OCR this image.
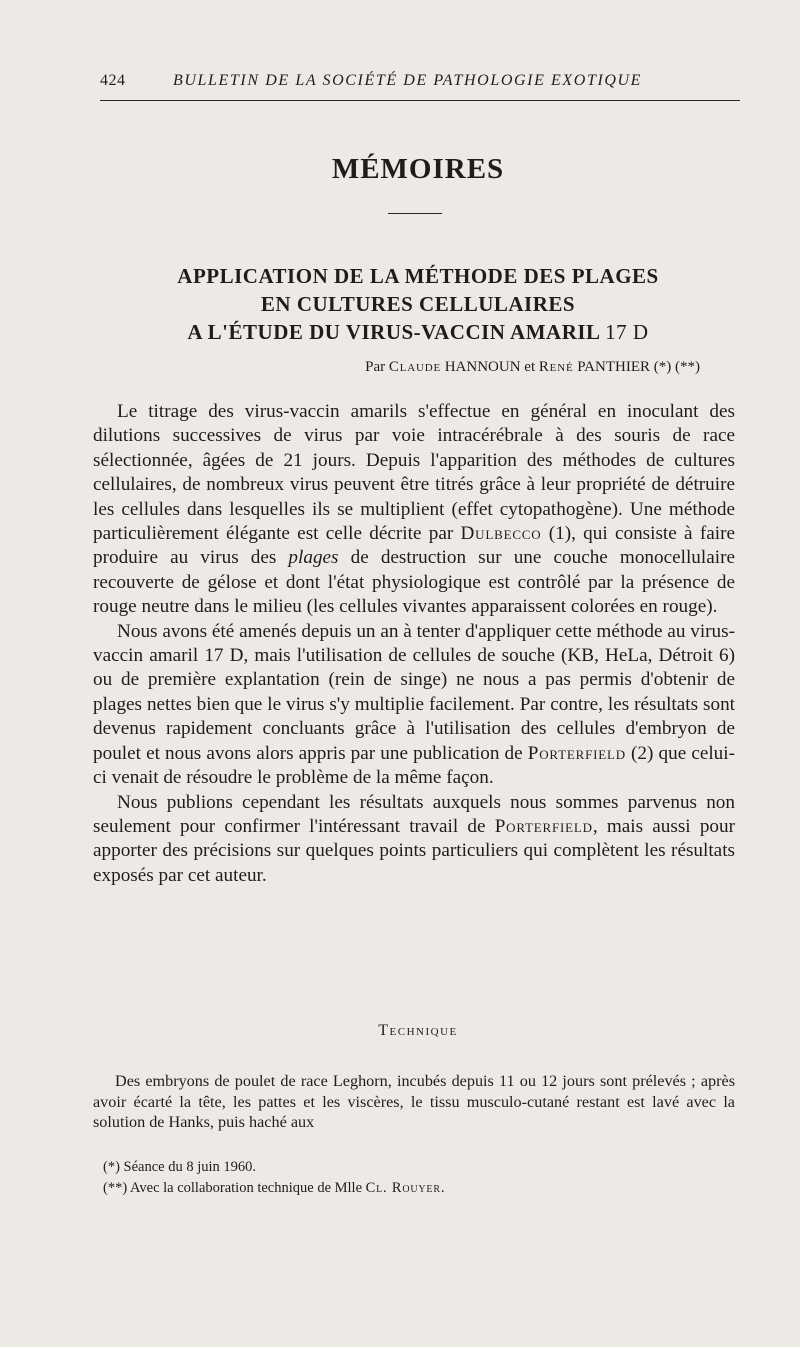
424	BULLETIN DE LA SOCIÉTÉ DE PATHOLOGIE EXOTIQUE
MÉMOIRES
APPLICATION DE LA MÉTHODE DES PLAGES
EN CULTURES CELLULAIRES
A L'ÉTUDE DU VIRUS-VACCIN AMARIL 17 D
Par Claude HANNOUN et René PANTHIER (*) (**)

Le titrage des virus-vaccin amarils s'effectue en général en inoculant des dilutions successives de virus par voie intracérébrale à des souris de race sélectionnée, âgées de 21 jours. Depuis l'apparition des méthodes de cultures cellulaires, de nombreux virus peuvent être titrés grâce à leur propriété de détruire les cellules dans lesquelles ils se multiplient (effet cytopathogène). Une méthode particulièrement élégante est celle décrite par Dulbecco (1), qui consiste à faire produire au virus des plages de destruction sur une couche monocellulaire recouverte de gélose et dont l'état physiologique est contrôlé par la présence de rouge neutre dans le milieu (les cellules vivantes apparaissent colorées en rouge).

Nous avons été amenés depuis un an à tenter d'appliquer cette méthode au virus-vaccin amaril 17 D, mais l'utilisation de cellules de souche (KB, HeLa, Détroit 6) ou de première explantation (rein de singe) ne nous a pas permis d'obtenir de plages nettes bien que le virus s'y multiplie facilement. Par contre, les résultats sont devenus rapidement concluants grâce à l'utilisation des cellules d'embryon de poulet et nous avons alors appris par une publication de Porterfield (2) que celui-ci venait de résoudre le problème de la même façon.

Nous publions cependant les résultats auxquels nous sommes parvenus non seulement pour confirmer l'intéressant travail de Porterfield, mais aussi pour apporter des précisions sur quelques points particuliers qui complètent les résultats exposés par cet auteur.

Technique

Des embryons de poulet de race Leghorn, incubés depuis 11 ou 12 jours sont prélevés ; après avoir écarté la tête, les pattes et les viscères, le tissu musculo-cutané restant est lavé avec la solution de Hanks, puis haché aux

(*) Séance du 8 juin 1960.
(**) Avec la collaboration technique de Mlle Cl. Rouyer.
